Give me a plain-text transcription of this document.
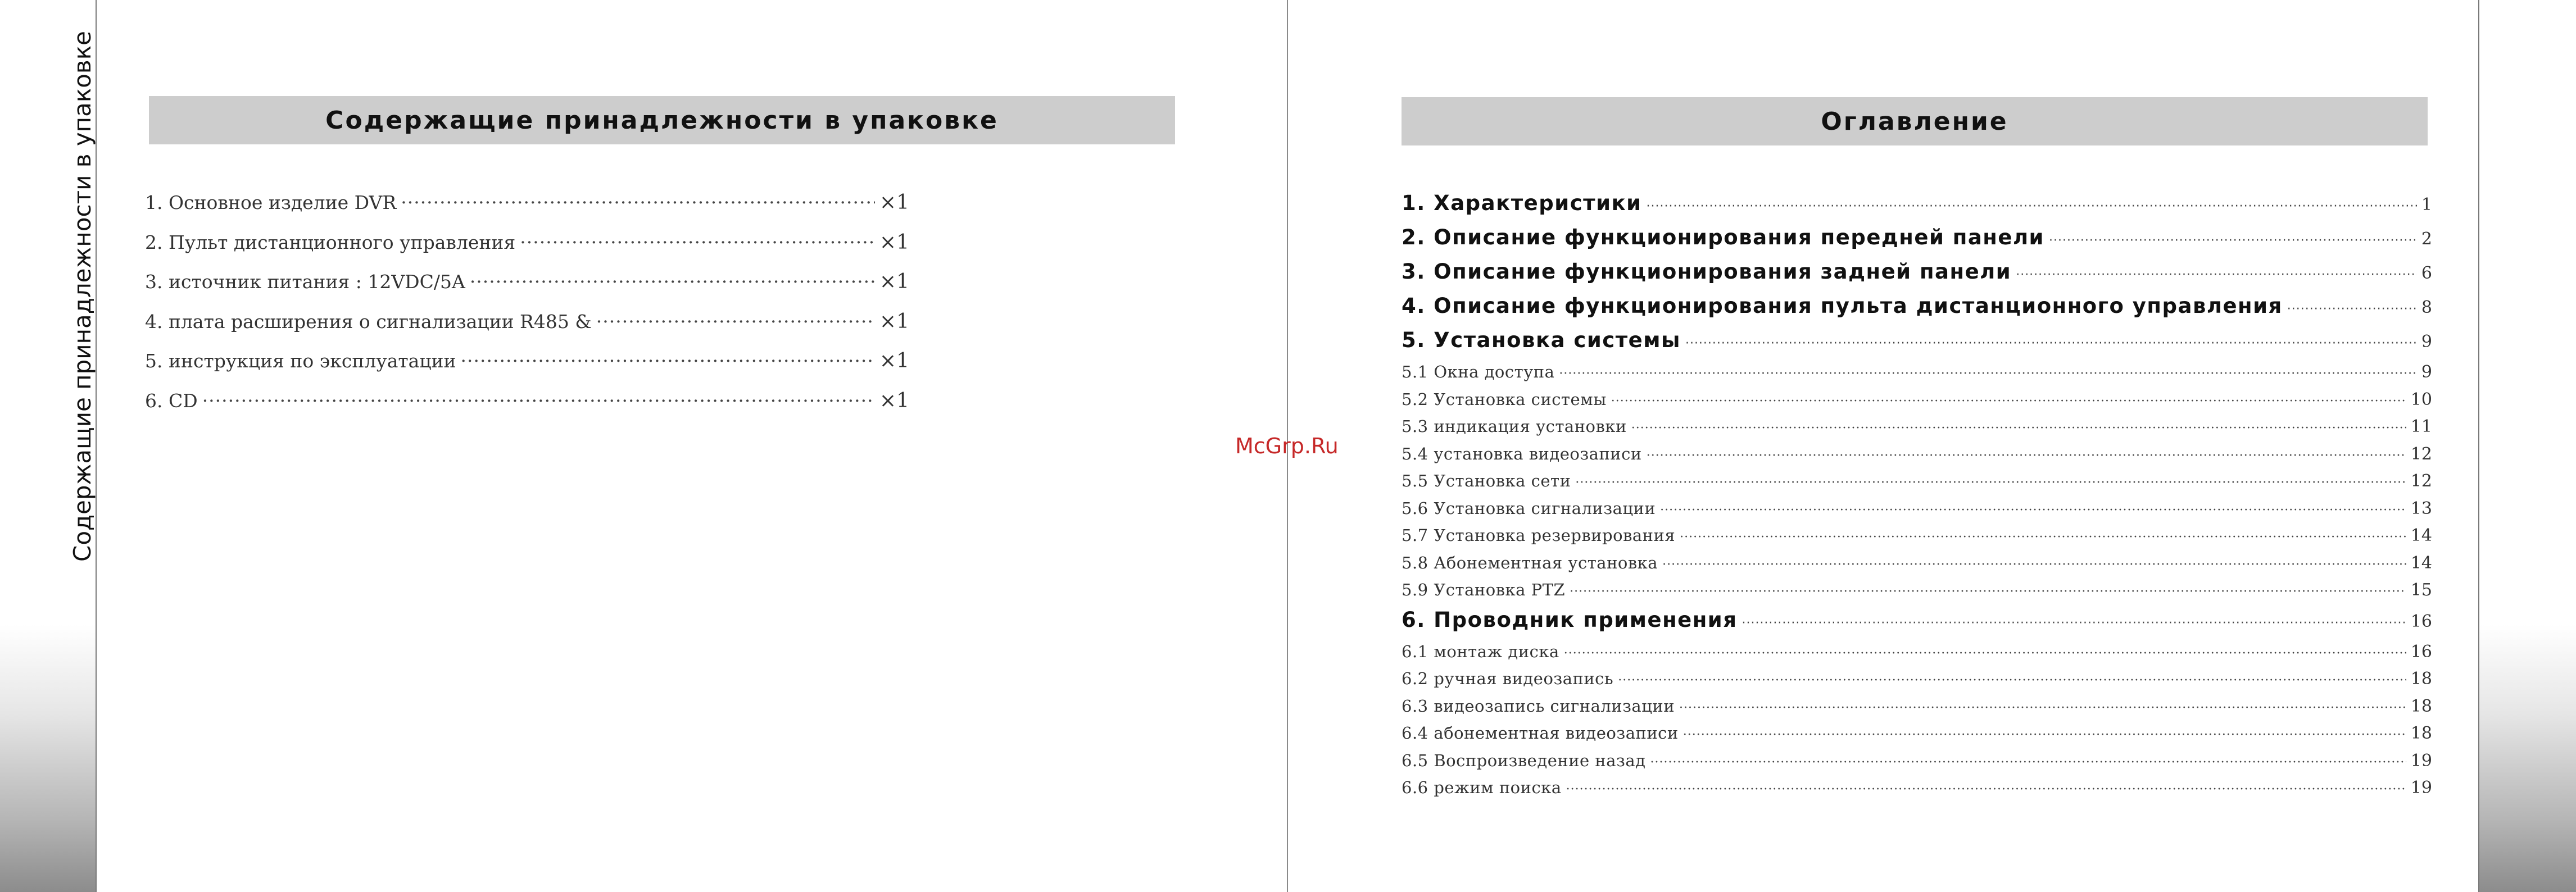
Содержащие принадлежности в упаковке	Содержащие принадлежности в упаковке
1. Основное изделие DVR ·····	×1
2. Пульт дистанционного управления ·····	×1
3. источник питания : 12VDC/5A ·····	×1
4. плата расширения о сигнализации R485 & ·····	×1
5. инструкция по эксплуатации ·····	×1
6. CD ·····	×1
McGrp.Ru
Оглавление
1. Характеристики ·····	1
2. Описание функционирования передней панели ·····	2
3. Описание функционирования задней панели ·····	6
4. Описание функционирования пульта дистанционного управления ·····	8
5. Установка системы ·····	9
5.1 Окна доступа ·····	9
5.2 Установка системы ·····	10
5.3 индикация установки ·····	11
5.4 установка видеозаписи ·····	12
5.5 Установка сети ·····	12
5.6 Установка сигнализации ·····	13
5.7 Установка резервирования ·····	14
5.8 Абонементная установка ·····	14
5.9 Установка PTZ ·····	15
6. Проводник применения ·····	16
6.1 монтаж диска ·····	16
6.2 ручная видеозапись ·····	18
6.3 видеозапись сигнализации ·····	18
6.4 абонементная видеозаписи ·····	18
6.5 Воспроизведение назад ·····	19
6.6 режим поиска ·····	19
